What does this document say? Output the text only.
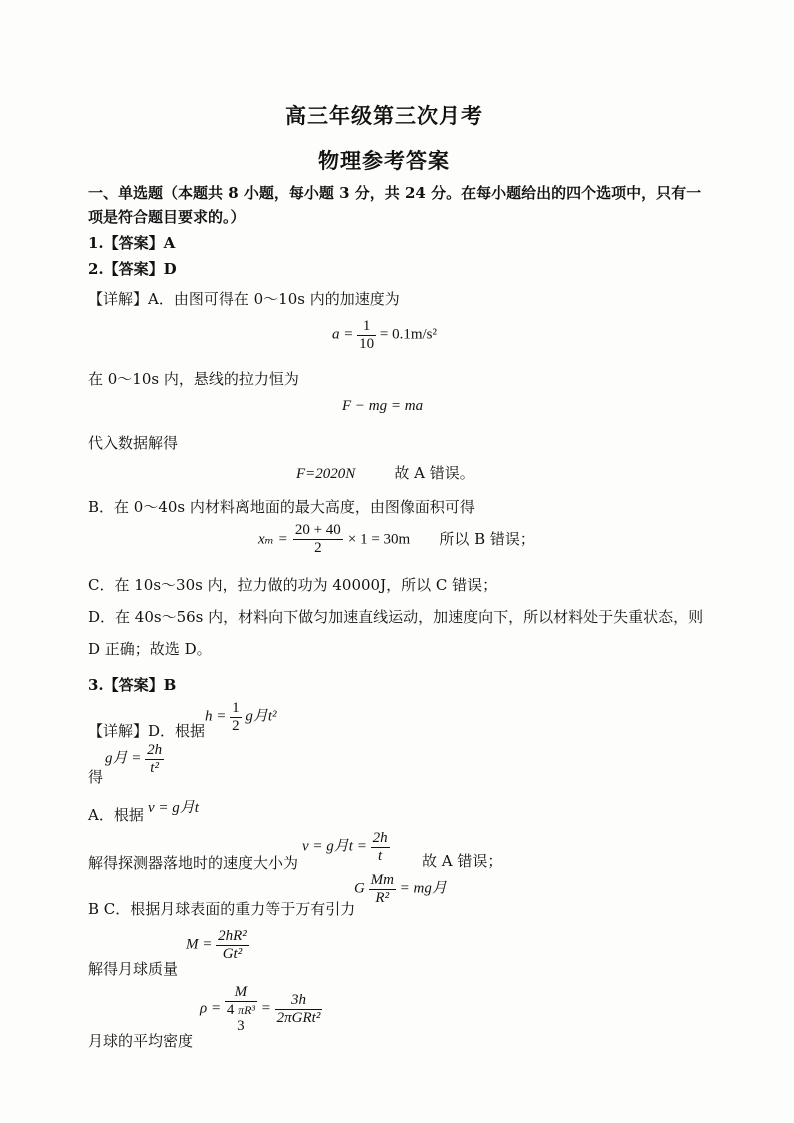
高三年级第三次月考
物理参考答案
一、单选题（本题共 8 小题，每小题 3 分，共 24 分。在每小题给出的四个选项中，只有一
项是符合题目要求的。）
1.【答案】A
2.【答案】D
【详解】A．由图可得在 0～10s 内的加速度为
$a = \frac{1}{10} = 0.1m/s^2$
在 0～10s 内，悬线的拉力恒为
F − mg = ma
代入数据解得
F=2020N	故 A 错误。
B．在 0～40s 内材料离地面的最大高度，由图像面积可得
$x_m = \frac{20 + 40}{2} \times 1 = 30m$ 所以 B 错误；
C．在 10s～30s 内，拉力做的功为 40000J，所以 C 错误；
D．在 40s～56s 内，材料向下做匀加速直线运动，加速度向下，所以材料处于失重状态，则
D 正确；故选 D。
3.【答案】B
【详解】D．根据
$h = \frac{1}{2}$ g月t²
得
g月 = $\frac{2h}{\text{t²}}$
A．根据 v = g月t
解得探测器落地时的速度大小为
v = g月$t = \frac{2h}{t}$ 故 A 错误；
B C．根据月球表面的重力等于万有引力
G $\frac{Mm}{\text{R²}}$ = mg月
解得月球质量
$M = \frac{\text{2hR²}}{\text{Gt²}}$
ρ =
M
4 πR³
3
= $\frac{3h}{\text{2πGRt²}}$
月球的平均密度
